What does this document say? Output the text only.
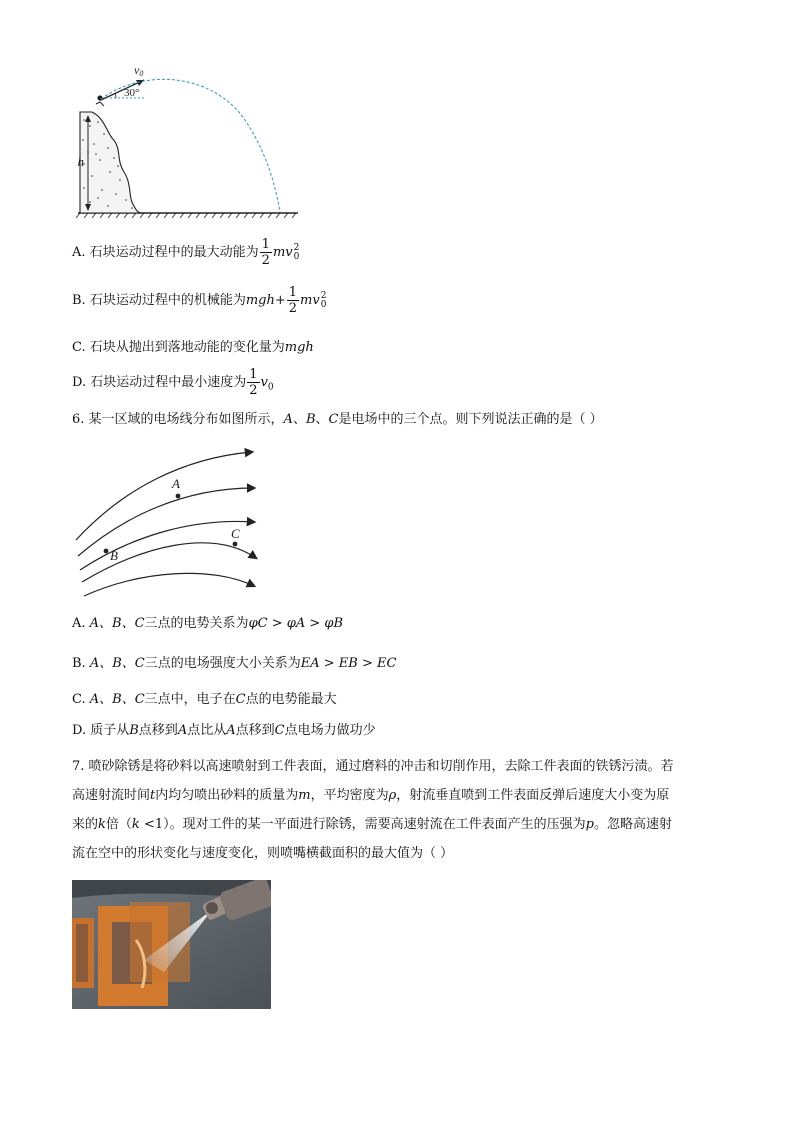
h
v0
30°
A. 石块运动过程中的最大动能为 $\frac{1}{2}$ mv 2
0
B. 石块运动过程中的机械能为$mgh+ \frac{1}{2}$ mv 2
0
C. 石块从抛出到落地动能的变化量为mgh
D. 石块运动过程中最小速度为 $\frac{1}{2} v_0$
6. 某一区域的电场线分布如图所示，A、B、C是电场中的三个点。则下列说法正确的是（ ）
A
B
C
A. A、B、C三点的电势关系为φC > φA > φB
B. A、B、C三点的电场强度大小关系为EA > EB > EC
C. A、B、C三点中，电子在C点的电势能最大
D. 质子从B点移到A点比从A点移到C点电场力做功少
7. 喷砂除锈是将砂料以高速喷射到工件表面，通过磨料的冲击和切削作用，去除工件表面的铁锈污渍。若
高速射流时间t内均匀喷出砂料的质量为m，平均密度为ρ，射流垂直喷到工件表面反弹后速度大小变为原
来的k倍（k <1）。现对工件的某一平面进行除锈，需要高速射流在工件表面产生的压强为p。忽略高速射
流在空中的形状变化与速度变化，则喷嘴横截面积的最大值为（ ）
